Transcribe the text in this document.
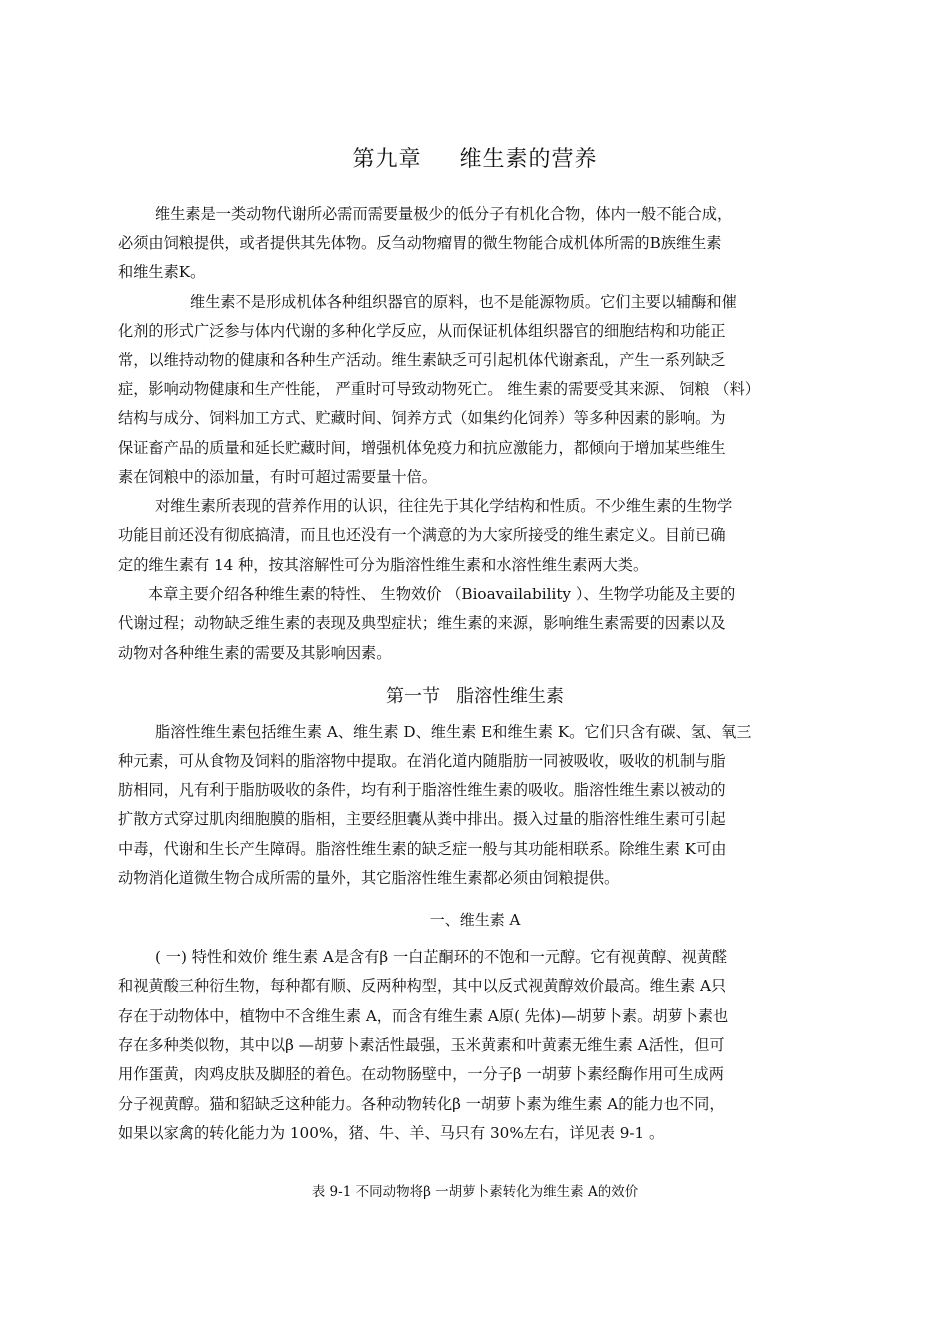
第九章 维生素的营养
维生素是一类动物代谢所必需而需要量极少的低分子有机化合物，体内一般不能合成，
必须由饲粮提供，或者提供其先体物。反刍动物瘤胃的微生物能合成机体所需的B族维生素
和维生素K。
维生素不是形成机体各种组织器官的原料，也不是能源物质。它们主要以辅酶和催
化剂的形式广泛参与体内代谢的多种化学反应，从而保证机体组织器官的细胞结构和功能正
常，以维持动物的健康和各种生产活动。维生素缺乏可引起机体代谢紊乱，产生一系列缺乏
症，影响动物健康和生产性能， 严重时可导致动物死亡。 维生素的需要受其来源、 饲粮 （料）
结构与成分、饲料加工方式、贮藏时间、饲养方式（如集约化饲养）等多种因素的影响。为
保证畜产品的质量和延长贮藏时间，增强机体免疫力和抗应激能力，都倾向于增加某些维生
素在饲粮中的添加量，有时可超过需要量十倍。
对维生素所表现的营养作用的认识，往往先于其化学结构和性质。不少维生素的生物学
功能目前还没有彻底搞清，而且也还没有一个满意的为大家所接受的维生素定义。目前已确
定的维生素有 14 种，按其溶解性可分为脂溶性维生素和水溶性维生素两大类。
本章主要介绍各种维生素的特性、 生物效价 （Bioavailability ）、生物学功能及主要的
代谢过程；动物缺乏维生素的表现及典型症状；维生素的来源，影响维生素需要的因素以及
动物对各种维生素的需要及其影响因素。
第一节 脂溶性维生素
脂溶性维生素包括维生素 A、维生素 D、维生素 E和维生素 K。它们只含有碳、氢、氧三
种元素，可从食物及饲料的脂溶物中提取。在消化道内随脂肪一同被吸收，吸收的机制与脂
肪相同，凡有利于脂肪吸收的条件，均有利于脂溶性维生素的吸收。脂溶性维生素以被动的
扩散方式穿过肌肉细胞膜的脂相，主要经胆囊从粪中排出。摄入过量的脂溶性维生素可引起
中毒，代谢和生长产生障碍。脂溶性维生素的缺乏症一般与其功能相联系。除维生素 K可由
动物消化道微生物合成所需的量外，其它脂溶性维生素都必须由饲粮提供。
一、维生素 A
( 一) 特性和效价 维生素 A是含有β 一白芷酮环的不饱和一元醇。它有视黄醇、视黄醛
和视黄酸三种衍生物，每种都有顺、反两种构型，其中以反式视黄醇效价最高。维生素 A只
存在于动物体中，植物中不含维生素 A，而含有维生素 A原( 先体)—胡萝卜素。胡萝卜素也
存在多种类似物，其中以β —胡萝卜素活性最强，玉米黄素和叶黄素无维生素 A活性，但可
用作蛋黄，肉鸡皮肤及脚胫的着色。在动物肠壁中，一分子β 一胡萝卜素经酶作用可生成两
分子视黄醇。猫和貂缺乏这种能力。各种动物转化β 一胡萝卜素为维生素 A的能力也不同，
如果以家禽的转化能力为 100%，猪、牛、羊、马只有 30%左右，详见表 9-1 。
表 9-1 不同动物将β 一胡萝卜素转化为维生素 A的效价
